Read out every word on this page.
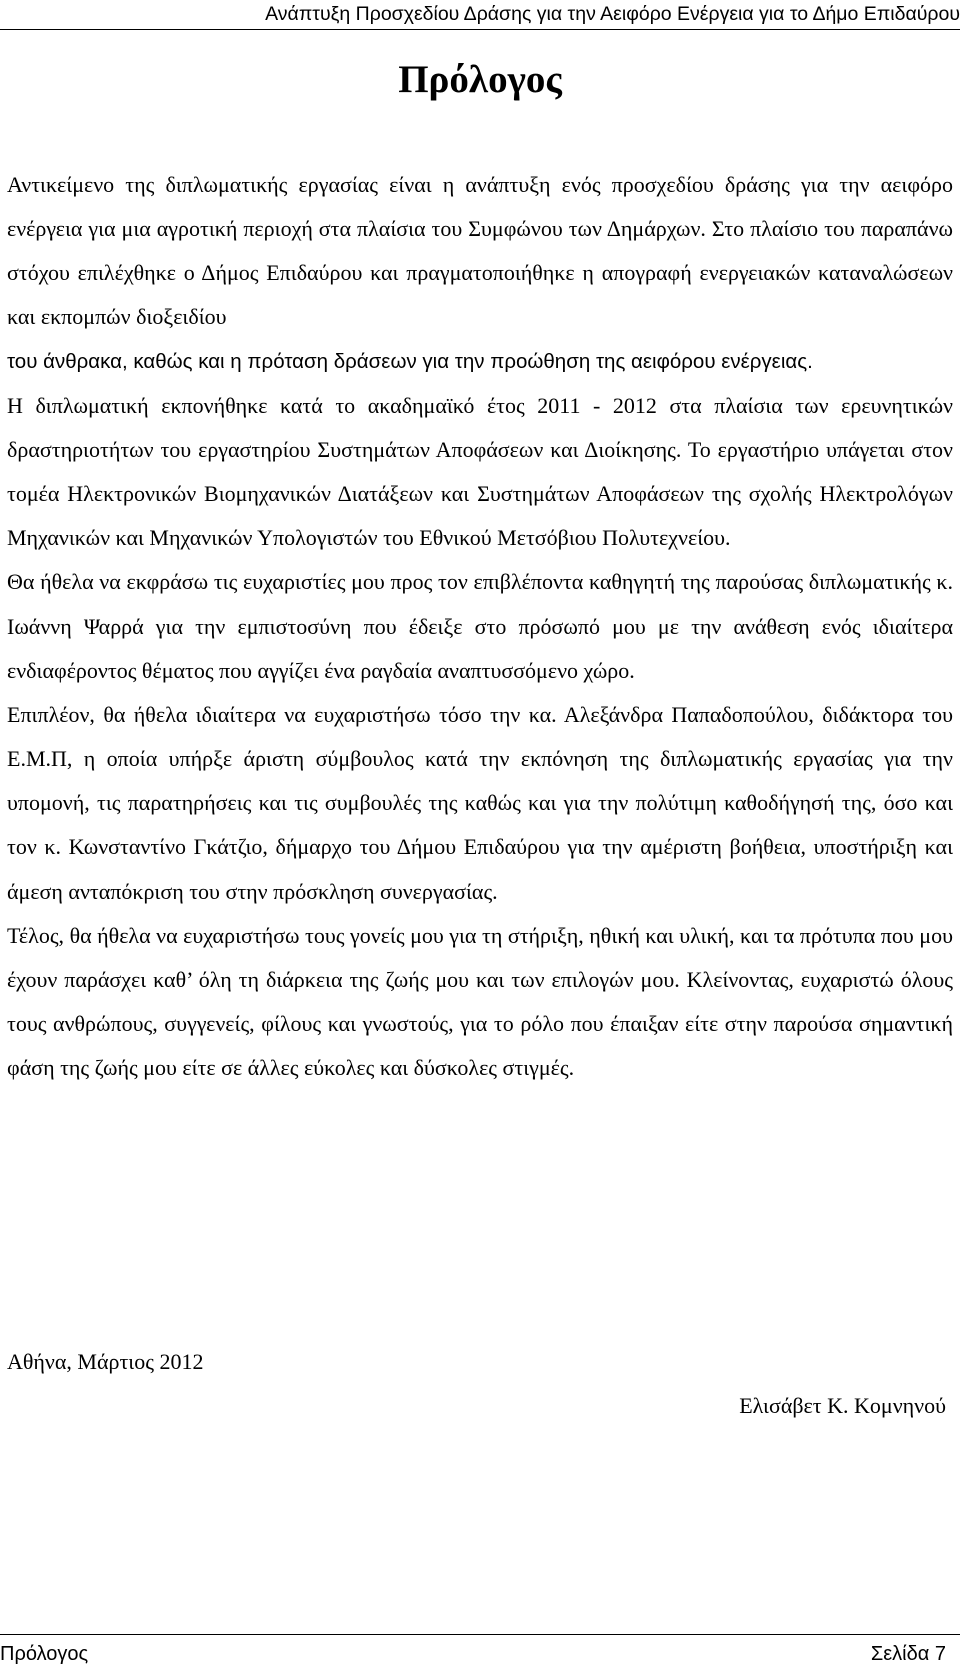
Ανάπτυξη Προσχεδίου Δράσης για την Αειφόρο Ενέργεια για το Δήμο Επιδαύρου
Πρόλογος

Αντικείμενο της διπλωματικής εργασίας είναι η ανάπτυξη ενός προσχεδίου δράσης για την αειφόρο ενέργεια για μια αγροτική περιοχή στα πλαίσια του Συμφώνου των Δημάρχων. Στο πλαίσιο του παραπάνω στόχου επιλέχθηκε ο Δήμος Επιδαύρου και πραγματοποιήθηκε η απογραφή ενεργειακών καταναλώσεων και εκπομπών διοξειδίου

του άνθρακα, καθώς και η πρόταση δράσεων για την προώθηση της αειφόρου ενέργειας.

Η διπλωματική εκπονήθηκε κατά το ακαδημαϊκό έτος 2011 - 2012 στα πλαίσια των ερευνητικών δραστηριοτήτων του εργαστηρίου Συστημάτων Αποφάσεων και Διοίκησης. Το εργαστήριο υπάγεται στον τομέα Ηλεκτρονικών Βιομηχανικών Διατάξεων και Συστημάτων Αποφάσεων της σχολής Ηλεκτρολόγων Μηχανικών και Μηχανικών Υπολογιστών του Εθνικού Μετσόβιου Πολυτεχνείου.

Θα ήθελα να εκφράσω τις ευχαριστίες μου προς τον επιβλέποντα καθηγητή της παρούσας διπλωματικής κ. Ιωάννη Ψαρρά για την εμπιστοσύνη που έδειξε στο πρόσωπό μου με την ανάθεση ενός ιδιαίτερα ενδιαφέροντος θέματος που αγγίζει ένα ραγδαία αναπτυσσόμενο χώρο.

Επιπλέον, θα ήθελα ιδιαίτερα να ευχαριστήσω τόσο την κα. Αλεξάνδρα Παπαδοπούλου, διδάκτορα του Ε.Μ.Π, η οποία υπήρξε άριστη σύμβουλος κατά την εκπόνηση της διπλωματικής εργασίας για την υπομονή, τις παρατηρήσεις και τις συμβουλές της καθώς και για την πολύτιμη καθοδήγησή της, όσο και τον κ. Κωνσταντίνο Γκάτζιο, δήμαρχο του Δήμου Επιδαύρου για την αμέριστη βοήθεια, υποστήριξη και άμεση ανταπόκριση του στην πρόσκληση συνεργασίας.

Τέλος, θα ήθελα να ευχαριστήσω τους γονείς μου για τη στήριξη, ηθική και υλική, και τα πρότυπα που μου έχουν παράσχει καθ’ όλη τη διάρκεια της ζωής μου και των επιλογών μου. Κλείνοντας, ευχαριστώ όλους τους ανθρώπους, συγγενείς, φίλους και γνωστούς, για το ρόλο που έπαιξαν είτε στην παρούσα σημαντική φάση της ζωής μου είτε σε άλλες εύκολες και δύσκολες στιγμές.

Αθήνα, Μάρτιος 2012

Ελισάβετ Κ. Κομνηνού

Πρόλογος	Σελίδα 7
